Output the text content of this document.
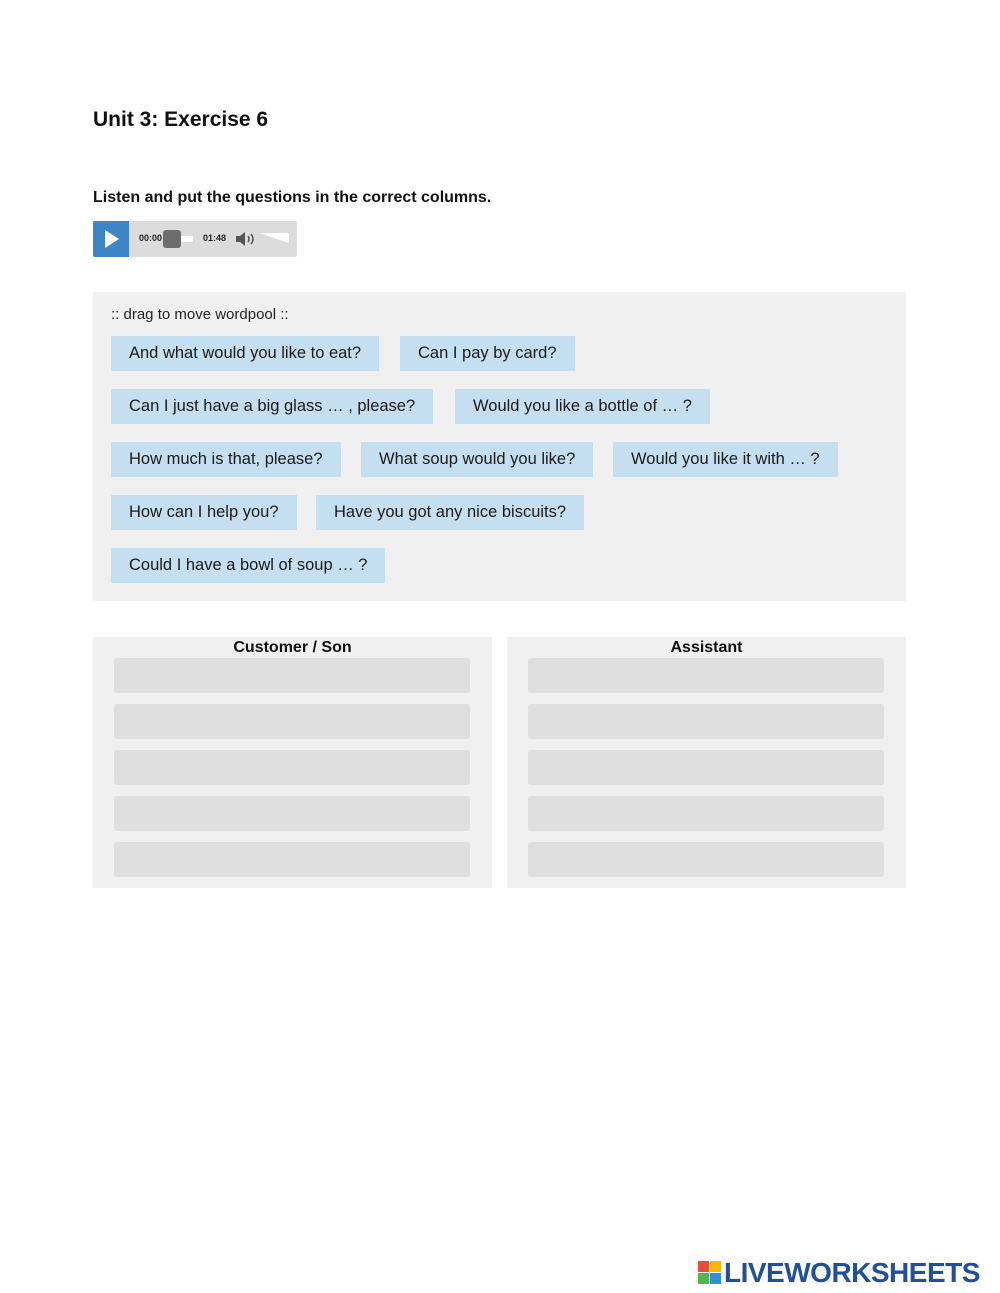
Unit 3: Exercise 6

Listen and put the questions in the correct columns.

00:00	01:48
:: drag to move wordpool ::
And what would you like to eat?	Can I pay by card?
Can I just have a big glass … , please?	Would you like a bottle of … ?
How much is that, please?	What soup would you like?	Would you like it with … ?
How can I help you?	Have you got any nice biscuits?
Could I have a bowl of soup … ?
Customer / Son	Assistant
LIVEWORKSHEETS
